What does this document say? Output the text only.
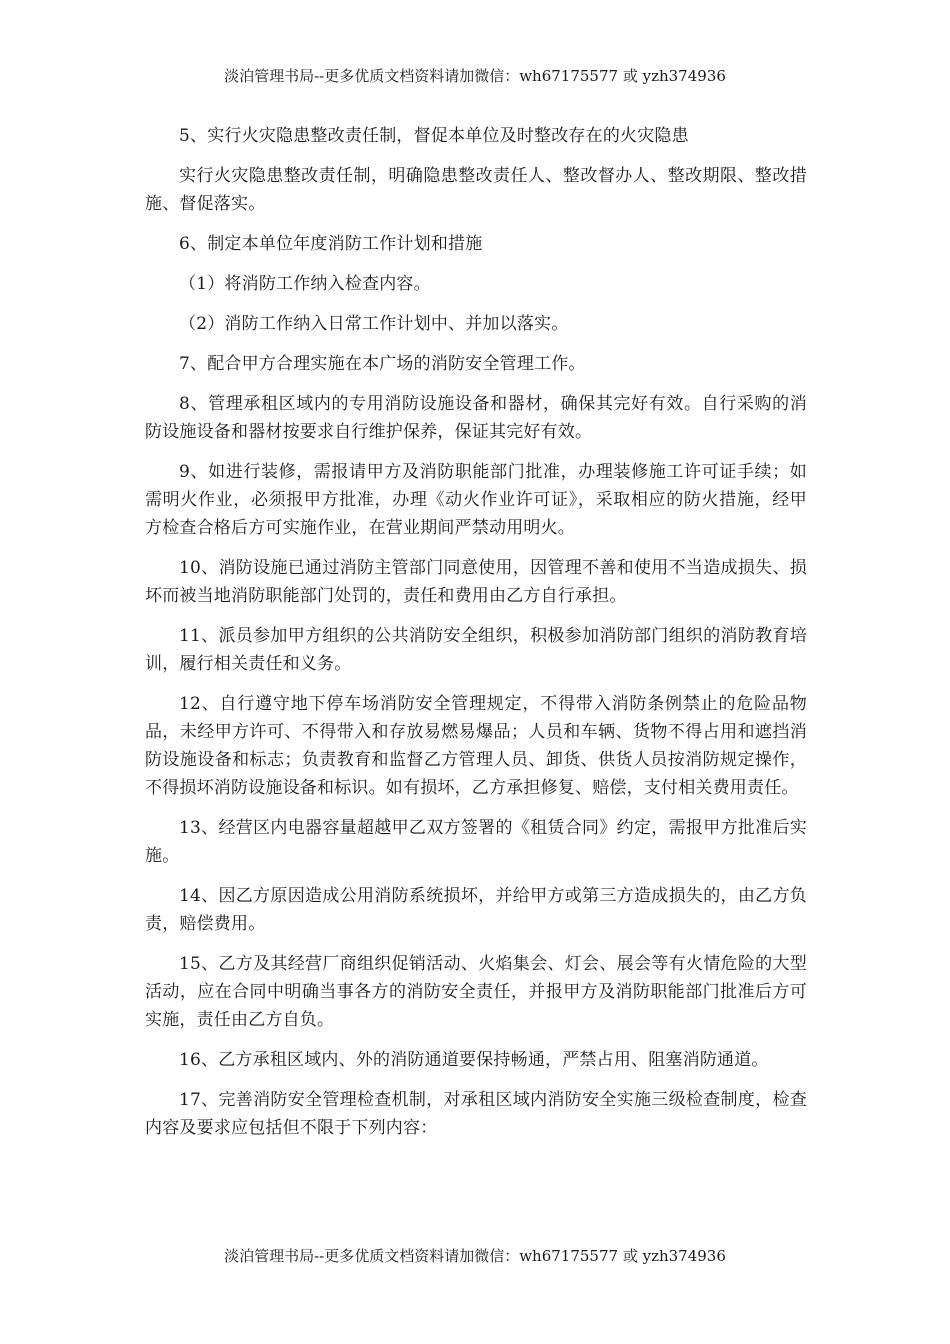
淡泊管理书局--更多优质文档资料请加微信：wh67175577 或 yzh374936

5、实行火灾隐患整改责任制，督促本单位及时整改存在的火灾隐患

实行火灾隐患整改责任制，明确隐患整改责任人、整改督办人、整改期限、整改措施、督促落实。

6、制定本单位年度消防工作计划和措施

（1）将消防工作纳入检查内容。

（2）消防工作纳入日常工作计划中、并加以落实。

7、配合甲方合理实施在本广场的消防安全管理工作。

8、管理承租区域内的专用消防设施设备和器材，确保其完好有效。自行采购的消防设施设备和器材按要求自行维护保养，保证其完好有效。

9、如进行装修，需报请甲方及消防职能部门批准，办理装修施工许可证手续；如需明火作业，必须报甲方批准，办理《动火作业许可证》，采取相应的防火措施，经甲方检查合格后方可实施作业，在营业期间严禁动用明火。

10、消防设施已通过消防主管部门同意使用，因管理不善和使用不当造成损失、损坏而被当地消防职能部门处罚的，责任和费用由乙方自行承担。

11、派员参加甲方组织的公共消防安全组织，积极参加消防部门组织的消防教育培训，履行相关责任和义务。

12、自行遵守地下停车场消防安全管理规定，不得带入消防条例禁止的危险品物品，未经甲方许可、不得带入和存放易燃易爆品；人员和车辆、货物不得占用和遮挡消防设施设备和标志；负责教育和监督乙方管理人员、卸货、供货人员按消防规定操作，不得损坏消防设施设备和标识。如有损坏，乙方承担修复、赔偿，支付相关费用责任。

13、经营区内电器容量超越甲乙双方签署的《租赁合同》约定，需报甲方批准后实施。

14、因乙方原因造成公用消防系统损坏，并给甲方或第三方造成损失的，由乙方负责，赔偿费用。

15、乙方及其经营厂商组织促销活动、火焰集会、灯会、展会等有火情危险的大型活动，应在合同中明确当事各方的消防安全责任，并报甲方及消防职能部门批准后方可实施，责任由乙方自负。

16、乙方承租区域内、外的消防通道要保持畅通，严禁占用、阻塞消防通道。

17、完善消防安全管理检查机制，对承租区域内消防安全实施三级检查制度，检查内容及要求应包括但不限于下列内容：

淡泊管理书局--更多优质文档资料请加微信：wh67175577 或 yzh374936
